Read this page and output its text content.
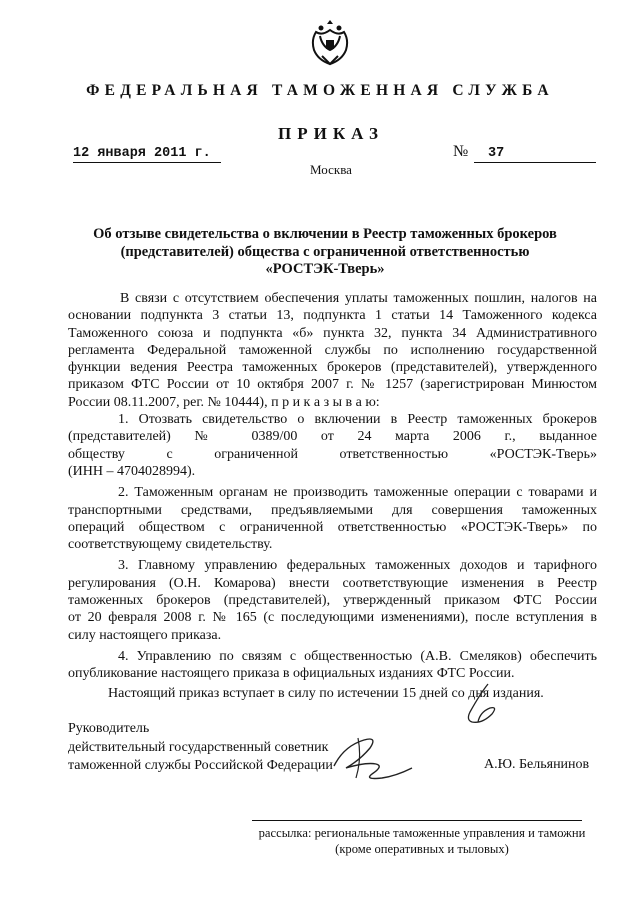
ФЕДЕРАЛЬНАЯ ТАМОЖЕННАЯ СЛУЖБА
ПРИКАЗ
12 января 2011 г.	№	37
Москва
Об отзыве свидетельства о включении в Реестр таможенных брокеров
(представителей) общества с ограниченной ответственностью
«РОСТЭК-Тверь»
В связи с отсутствием обеспечения уплаты таможенных пошлин, налогов на
основании подпункта 3 статьи 13, подпункта 1 статьи 14 Таможенного кодекса
Таможенного союза и подпункта «б» пункта 32, пункта 34 Административного
регламента Федеральной таможенной службы по исполнению государственной
функции ведения Реестра таможенных брокеров (представителей), утвержденного
приказом ФТС России от 10 октября 2007 г. № 1257 (зарегистрирован Минюстом
России 08.11.2007, рег. № 10444), п р и к а з ы в а ю:
1. Отозвать свидетельство о включении в Реестр таможенных брокеров
(представителей) № 0389/00 от 24 марта 2006 г., выданное
обществу с ограниченной ответственностью «РОСТЭК-Тверь»
(ИНН – 4704028994).
2. Таможенным органам не производить таможенные операции с товарами и
транспортными средствами, предъявляемыми для совершения таможенных
операций обществом с ограниченной ответственностью «РОСТЭК-Тверь» по
соответствующему свидетельству.
3. Главному управлению федеральных таможенных доходов и тарифного
регулирования (О.Н. Комарова) внести соответствующие изменения в Реестр
таможенных брокеров (представителей), утвержденный приказом ФТС России
от 20 февраля 2008 г. № 165 (с последующими изменениями), после вступления в
силу настоящего приказа.
4. Управлению по связям с общественностью (А.В. Смеляков) обеспечить
опубликование настоящего приказа в официальных изданиях ФТС России.
Настоящий приказ вступает в силу по истечении 15 дней со дня издания.
Руководитель
действительный государственный советник
таможенной службы Российской Федерации	А.Ю. Бельянинов
рассылка: региональные таможенные управления и таможни
(кроме оперативных и тыловых)
